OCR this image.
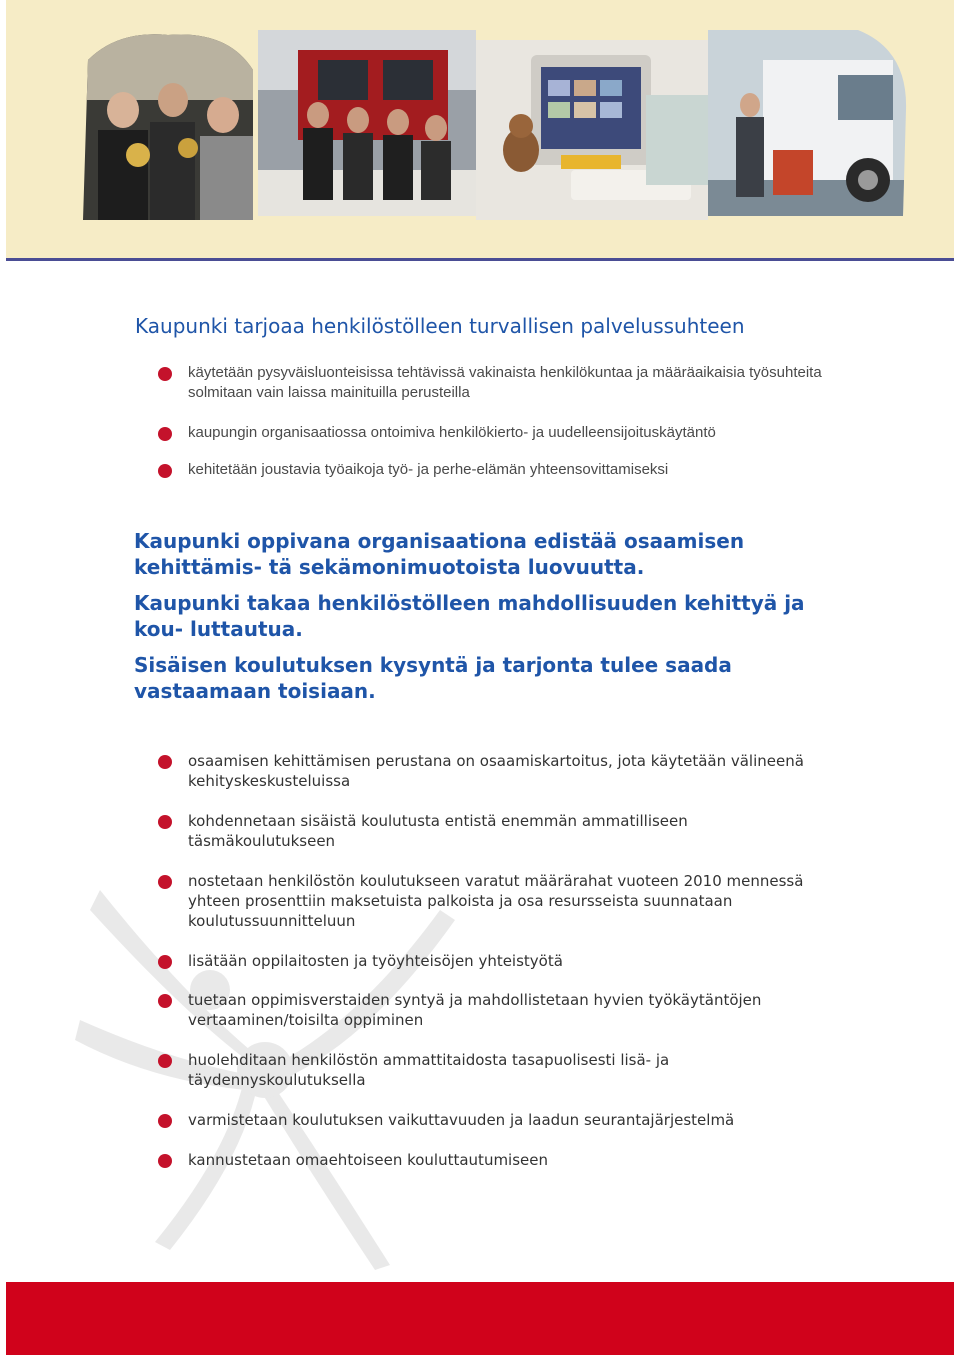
Kaupunki tarjoaa henkilöstölleen turvallisen palvelussuhteen
käytetään pysyväisluonteisissa tehtävissä vakinaista henkilökuntaa ja määräaikaisia työsuhteita solmitaan vain laissa mainituilla perusteilla
kaupungin organisaatiossa ontoimiva henkilökierto- ja uudelleensijoituskäytäntö
kehitetään joustavia työaikoja työ- ja perhe-elämän yhteensovittamiseksi

Kaupunki oppivana organisaationa edistää osaamisen kehittämis- tä sekämonimuotoista luovuutta.

Kaupunki takaa henkilöstölleen mahdollisuuden kehittyä ja kou- luttautua.

Sisäisen koulutuksen kysyntä ja tarjonta tulee saada vastaamaan toisiaan.

osaamisen kehittämisen perustana on osaamiskartoitus, jota käytetään välineenä kehityskeskusteluissa
kohdennetaan sisäistä koulutusta entistä enemmän ammatilliseen täsmäkoulutukseen
nostetaan henkilöstön koulutukseen varatut määrärahat vuoteen 2010 mennessä yhteen prosenttiin maksetuista palkoista ja osa resursseista suunnataan koulutussuunnitteluun
lisätään oppilaitosten ja työyhteisöjen yhteistyötä
tuetaan oppimisverstaiden syntyä ja mahdollistetaan hyvien työkäytäntöjen vertaaminen/toisilta oppiminen
huolehditaan henkilöstön ammattitaidosta tasapuolisesti lisä- ja täydennyskoulutuksella
varmistetaan koulutuksen vaikuttavuuden ja laadun seurantajärjestelmä
kannustetaan omaehtoiseen kouluttautumiseen
